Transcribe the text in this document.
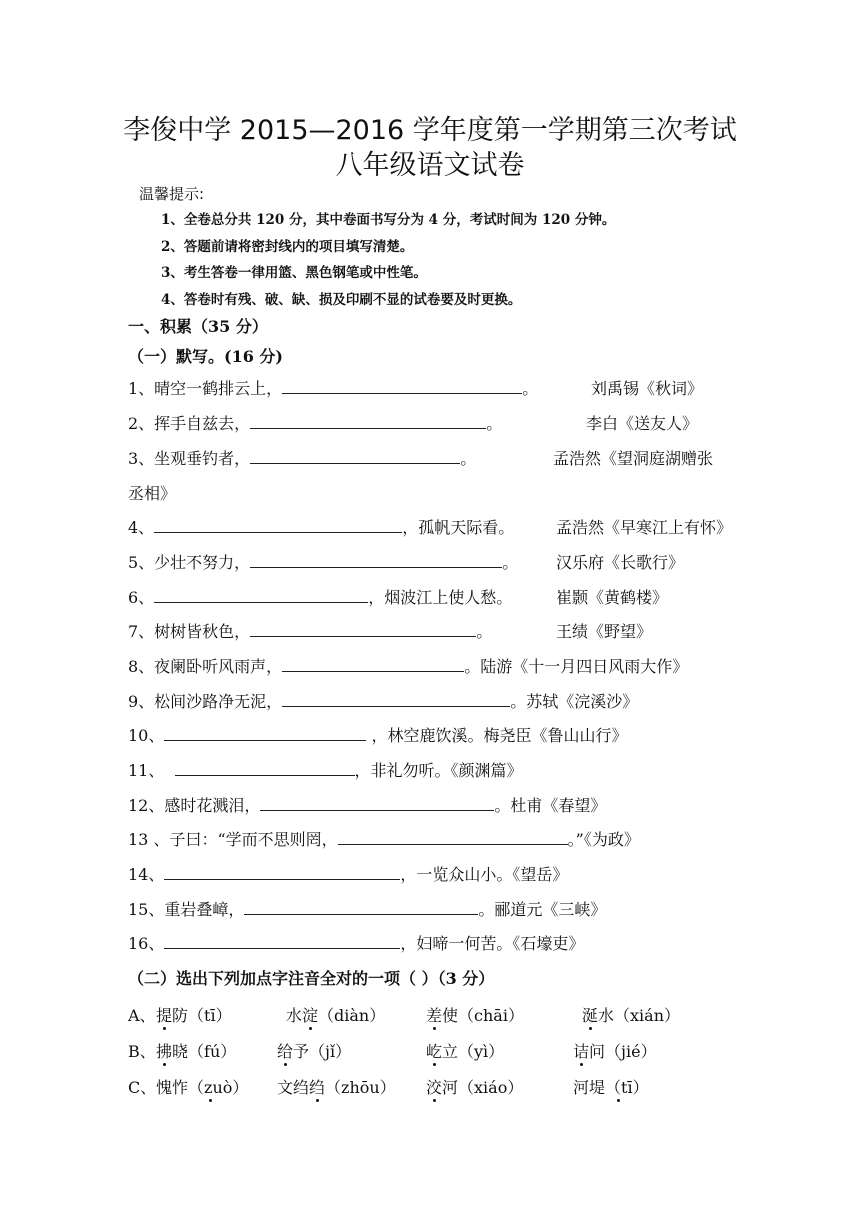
李俊中学 2015—2016 学年度第一学期第三次考试
八年级语文试卷
温馨提示:
1、全卷总分共 120 分，其中卷面书写分为 4 分，考试时间为 120 分钟。
2、答题前请将密封线内的项目填写清楚。
3、考生答卷一律用篮、黑色钢笔或中性笔。
4、答卷时有残、破、缺、损及印刷不显的试卷要及时更换。
一、积累（35 分）
（一）默写。(16 分)
1、晴空一鹤排云上，	。	刘禹锡《秋词》
2、挥手自兹去，	。	李白《送友人》
3、坐观垂钓者，	。	孟浩然《望洞庭湖赠张
丞相》
4、	，孤帆天际看。	孟浩然《早寒江上有怀》
5、少壮不努力，	。 汉乐府《长歌行》
6、	，烟波江上使人愁。	崔颢《黄鹤楼》
7、树树皆秋色，	。	王绩《野望》
8、夜阑卧听风雨声，	。陆游《十一月四日风雨大作》
9、松间沙路净无泥，	。苏轼《浣溪沙》
10、	，林空鹿饮溪。梅尧臣《鲁山山行》
11、	，非礼勿听。《颜渊篇》
12、感时花溅泪，	。杜甫《春望》
13 、子曰：“学而不思则罔，	。”《为政》
14、	，一览众山小。《望岳》
15、重岩叠嶂，	。郦道元《三峡》
16、	，妇啼一何苦。《石壕吏》
（二）选出下列加点字注音全对的一项（ ）（3 分）
A、 提防（tī）	水淀（diàn）	差使（chāi）	涎水（xián）
B、 拂晓（fú）	给予（jǐ）	屹立（yì）	诘问（jié）
C、 愧怍（zuò） 文绉绉（zhōu） 洨河（xiáo）	河堤（tī）
